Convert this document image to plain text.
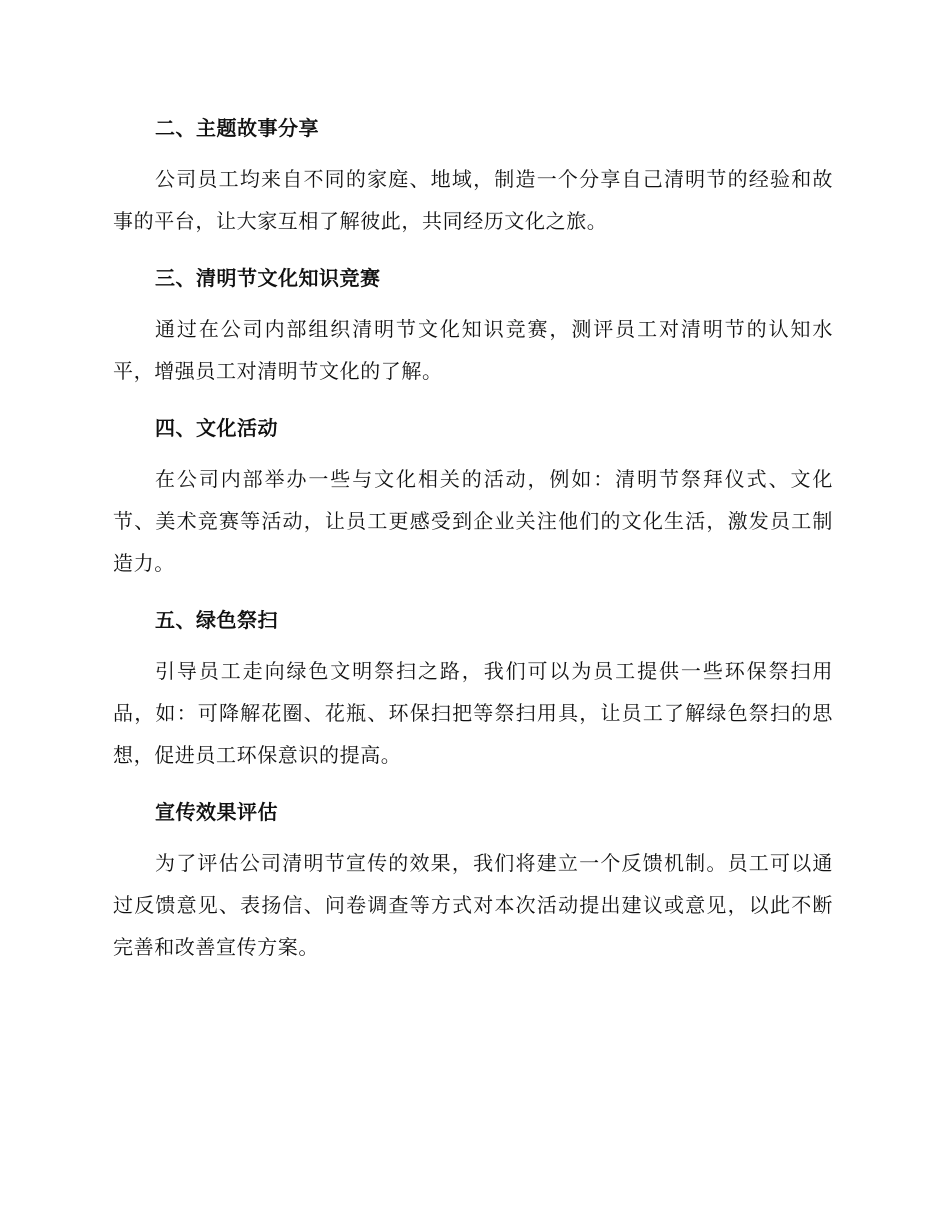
二、主题故事分享

公司员工均来自不同的家庭、地域，制造一个分享自己清明节的经验和故事的平台，让大家互相了解彼此，共同经历文化之旅。

三、清明节文化知识竞赛

通过在公司内部组织清明节文化知识竞赛，测评员工对清明节的认知水平，增强员工对清明节文化的了解。

四、文化活动

在公司内部举办一些与文化相关的活动，例如：清明节祭拜仪式、文化节、美术竞赛等活动，让员工更感受到企业关注他们的文化生活，激发员工制造力。

五、绿色祭扫

引导员工走向绿色文明祭扫之路，我们可以为员工提供一些环保祭扫用品，如：可降解花圈、花瓶、环保扫把等祭扫用具，让员工了解绿色祭扫的思想，促进员工环保意识的提高。

宣传效果评估

为了评估公司清明节宣传的效果，我们将建立一个反馈机制。员工可以通过反馈意见、表扬信、问卷调查等方式对本次活动提出建议或意见，以此不断完善和改善宣传方案。
